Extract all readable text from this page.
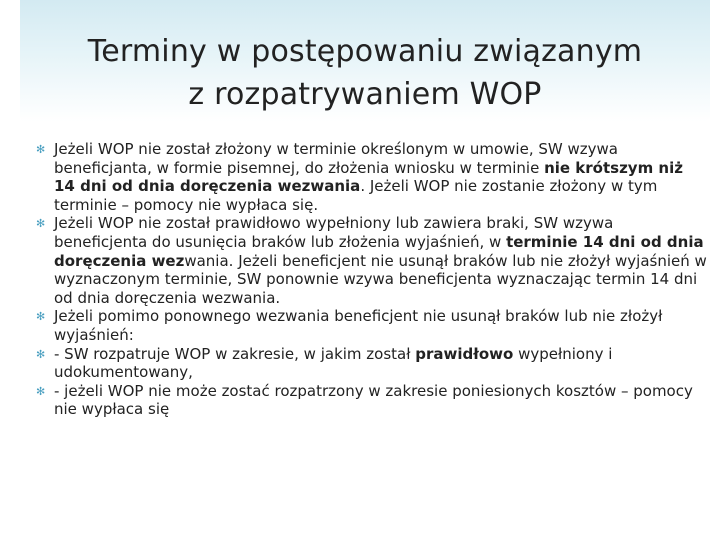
Terminy w postępowaniu związanym
z rozpatrywaniem WOP
✻ Jeżeli WOP nie został złożony w terminie określonym w umowie, SW wzywa beneficjanta, w formie pisemnej, do złożenia wniosku w terminie nie krótszym niż 14 dni od dnia doręczenia wezwania. Jeżeli WOP nie zostanie złożony w tym terminie – pomocy nie wypłaca się.
✻ Jeżeli WOP nie został prawidłowo wypełniony lub zawiera braki, SW wzywa beneficjenta do usunięcia braków lub złożenia wyjaśnień, w terminie 14 dni od dnia doręczenia wezwania. Jeżeli beneficjent nie usunął braków lub nie złożył wyjaśnień w wyznaczonym terminie, SW ponownie wzywa beneficjenta wyznaczając termin 14 dni od dnia doręczenia wezwania.
✻ Jeżeli pomimo ponownego wezwania beneficjent nie usunął braków lub nie złożył wyjaśnień:
✻ - SW rozpatruje WOP w zakresie, w jakim został prawidłowo wypełniony i udokumentowany,
✻ - jeżeli WOP nie może zostać rozpatrzony w zakresie poniesionych kosztów – pomocy nie wypłaca się
